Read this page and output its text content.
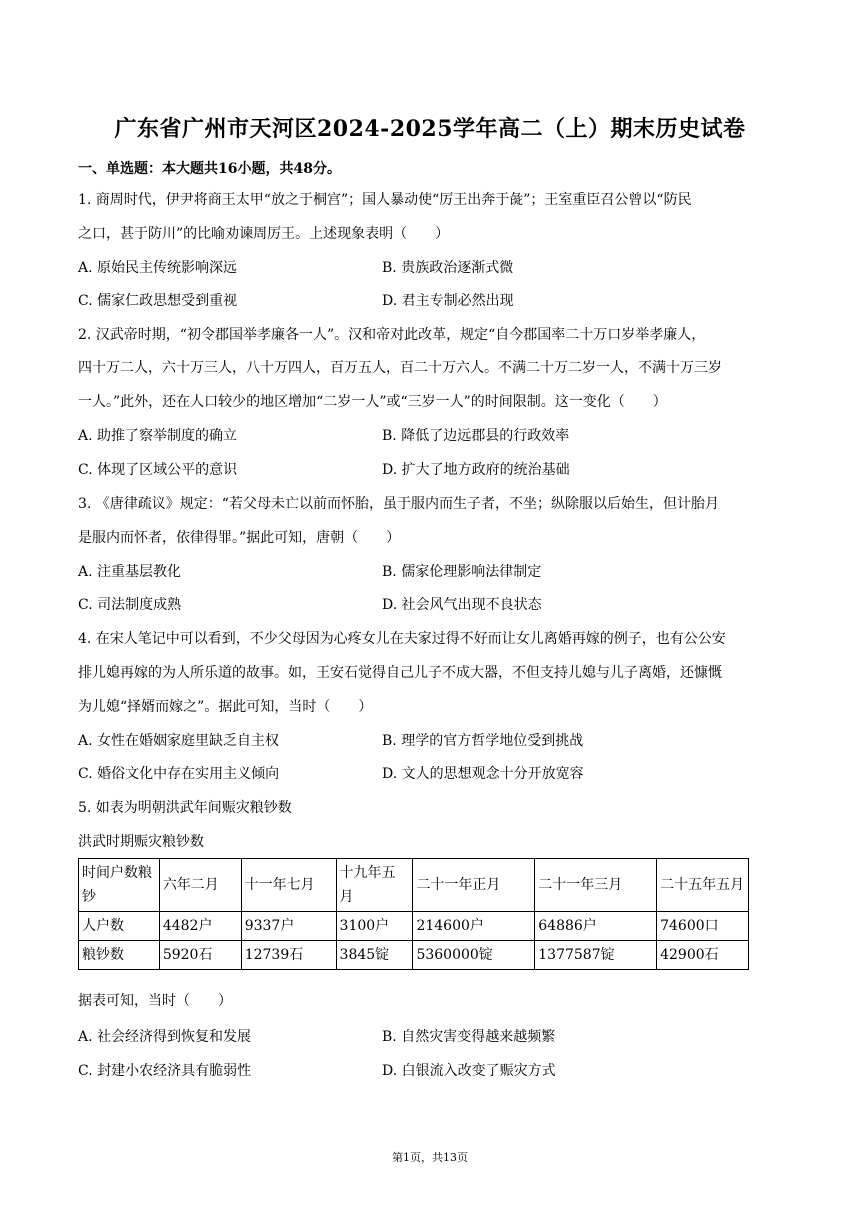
广东省广州市天河区2024-2025学年高二（上）期末历史试卷
一、单选题：本大题共16小题，共48分。
1. 商周时代，伊尹将商王太甲“放之于桐宫”；国人暴动使“厉王出奔于彘”；王室重臣召公曾以“防民
之口，甚于防川”的比喻劝谏周厉王。上述现象表明（　　）
A. 原始民主传统影响深远	B. 贵族政治逐渐式微
C. 儒家仁政思想受到重视	D. 君主专制必然出现
2. 汉武帝时期，“初令郡国举孝廉各一人”。汉和帝对此改革，规定“自今郡国率二十万口岁举孝廉人，
四十万二人，六十万三人，八十万四人，百万五人，百二十万六人。不满二十万二岁一人，不满十万三岁
一人。”此外，还在人口较少的地区增加“二岁一人”或“三岁一人”的时间限制。这一变化（　　）
A. 助推了察举制度的确立	B. 降低了边远郡县的行政效率
C. 体现了区域公平的意识	D. 扩大了地方政府的统治基础
3. 《唐律疏议》规定：“若父母未亡以前而怀胎，虽于服内而生子者，不坐；纵除服以后始生，但计胎月
是服内而怀者，依律得罪。”据此可知，唐朝（　　）
A. 注重基层教化	B. 儒家伦理影响法律制定
C. 司法制度成熟	D. 社会风气出现不良状态
4. 在宋人笔记中可以看到，不少父母因为心疼女儿在夫家过得不好而让女儿离婚再嫁的例子，也有公公安
排儿媳再嫁的为人所乐道的故事。如，王安石觉得自己儿子不成大器，不但支持儿媳与儿子离婚，还慷慨
为儿媳“择婿而嫁之”。据此可知，当时（　　）
A. 女性在婚姻家庭里缺乏自主权	B. 理学的官方哲学地位受到挑战
C. 婚俗文化中存在实用主义倾向	D. 文人的思想观念十分开放宽容
5. 如表为明朝洪武年间赈灾粮钞数
洪武时期赈灾粮钞数
时间户数粮钞	六年二月	十一年七月	十九年五月	二十一年正月	二十一年三月	二十五年五月
人户数	4482户	9337户	3100户	214600户	64886户	74600口
粮钞数	5920石	12739石	3845锭	5360000锭	1377587锭	42900石
据表可知，当时（　　）
A. 社会经济得到恢复和发展	B. 自然灾害变得越来越频繁
C. 封建小农经济具有脆弱性	D. 白银流入改变了赈灾方式
第1页，共13页
